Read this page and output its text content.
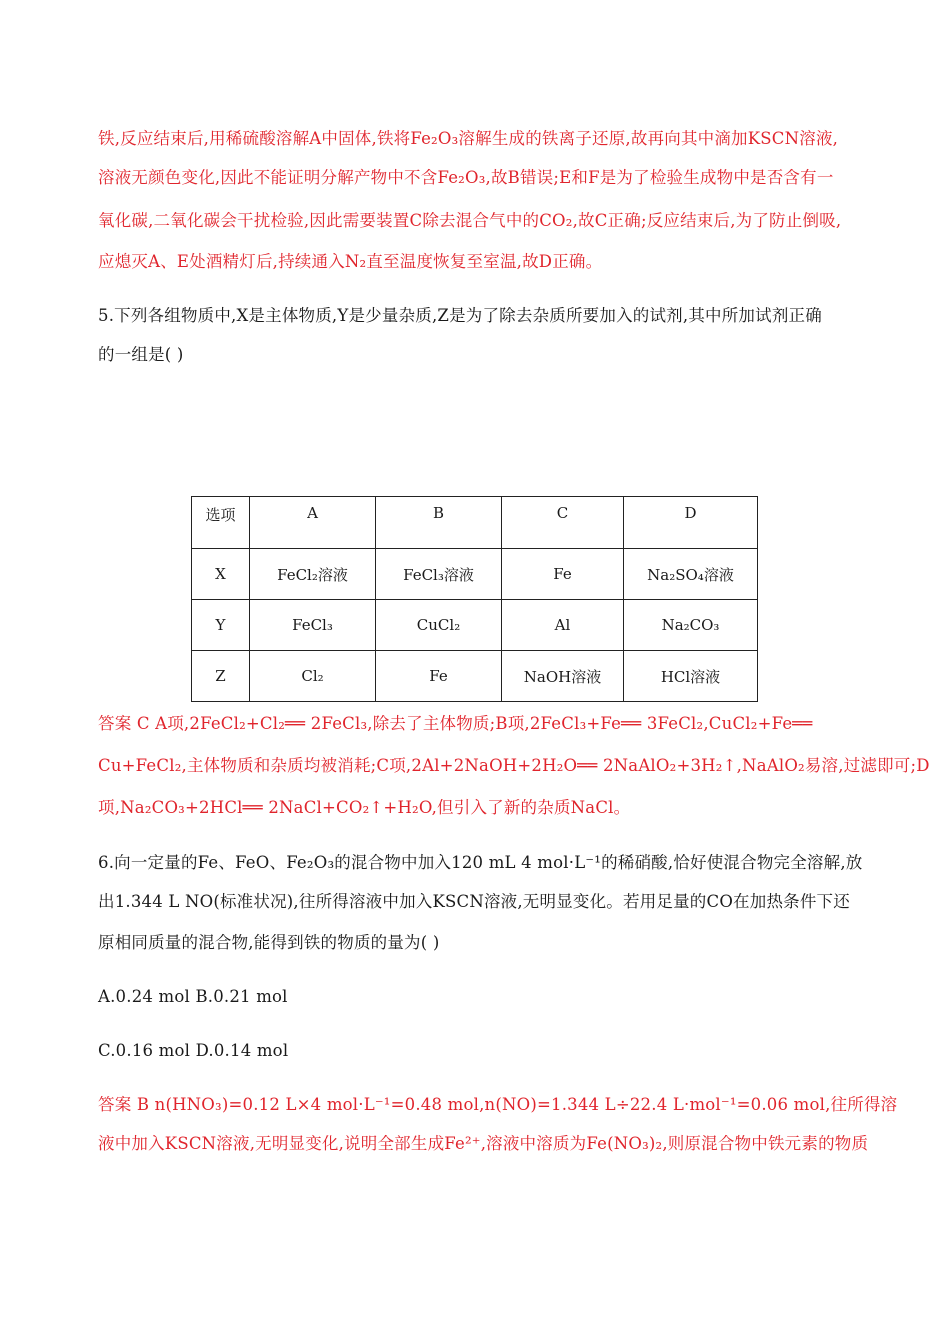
铁,反应结束后,用稀硫酸溶解A中固体,铁将Fe₂O₃溶解生成的铁离子还原,故再向其中滴加KSCN溶液,
溶液无颜色变化,因此不能证明分解产物中不含Fe₂O₃,故B错误;E和F是为了检验生成物中是否含有一
氧化碳,二氧化碳会干扰检验,因此需要装置C除去混合气中的CO₂,故C正确;反应结束后,为了防止倒吸,
应熄灭A、E处酒精灯后,持续通入N₂直至温度恢复至室温,故D正确。
5.下列各组物质中,X是主体物质,Y是少量杂质,Z是为了除去杂质所要加入的试剂,其中所加试剂正确
的一组是( )
选项	A	B	C	D
X	FeCl₂溶液	FeCl₃溶液	Fe	Na₂SO₄溶液
Y	FeCl₃	CuCl₂	Al	Na₂CO₃
Z	Cl₂	Fe	NaOH溶液	HCl溶液
答案 C A项,2FeCl₂+Cl₂══ 2FeCl₃,除去了主体物质;B项,2FeCl₃+Fe══ 3FeCl₂,CuCl₂+Fe══
Cu+FeCl₂,主体物质和杂质均被消耗;C项,2Al+2NaOH+2H₂O══ 2NaAlO₂+3H₂↑,NaAlO₂易溶,过滤即可;D
项,Na₂CO₃+2HCl══ 2NaCl+CO₂↑+H₂O,但引入了新的杂质NaCl。
6.向一定量的Fe、FeO、Fe₂O₃的混合物中加入120 mL 4 mol·L⁻¹的稀硝酸,恰好使混合物完全溶解,放
出1.344 L NO(标准状况),往所得溶液中加入KSCN溶液,无明显变化。若用足量的CO在加热条件下还
原相同质量的混合物,能得到铁的物质的量为( )
A.0.24 mol B.0.21 mol
C.0.16 mol D.0.14 mol
答案 B n(HNO₃)=0.12 L×4 mol·L⁻¹=0.48 mol,n(NO)=1.344 L÷22.4 L·mol⁻¹=0.06 mol,往所得溶
液中加入KSCN溶液,无明显变化,说明全部生成Fe²⁺,溶液中溶质为Fe(NO₃)₂,则原混合物中铁元素的物质
